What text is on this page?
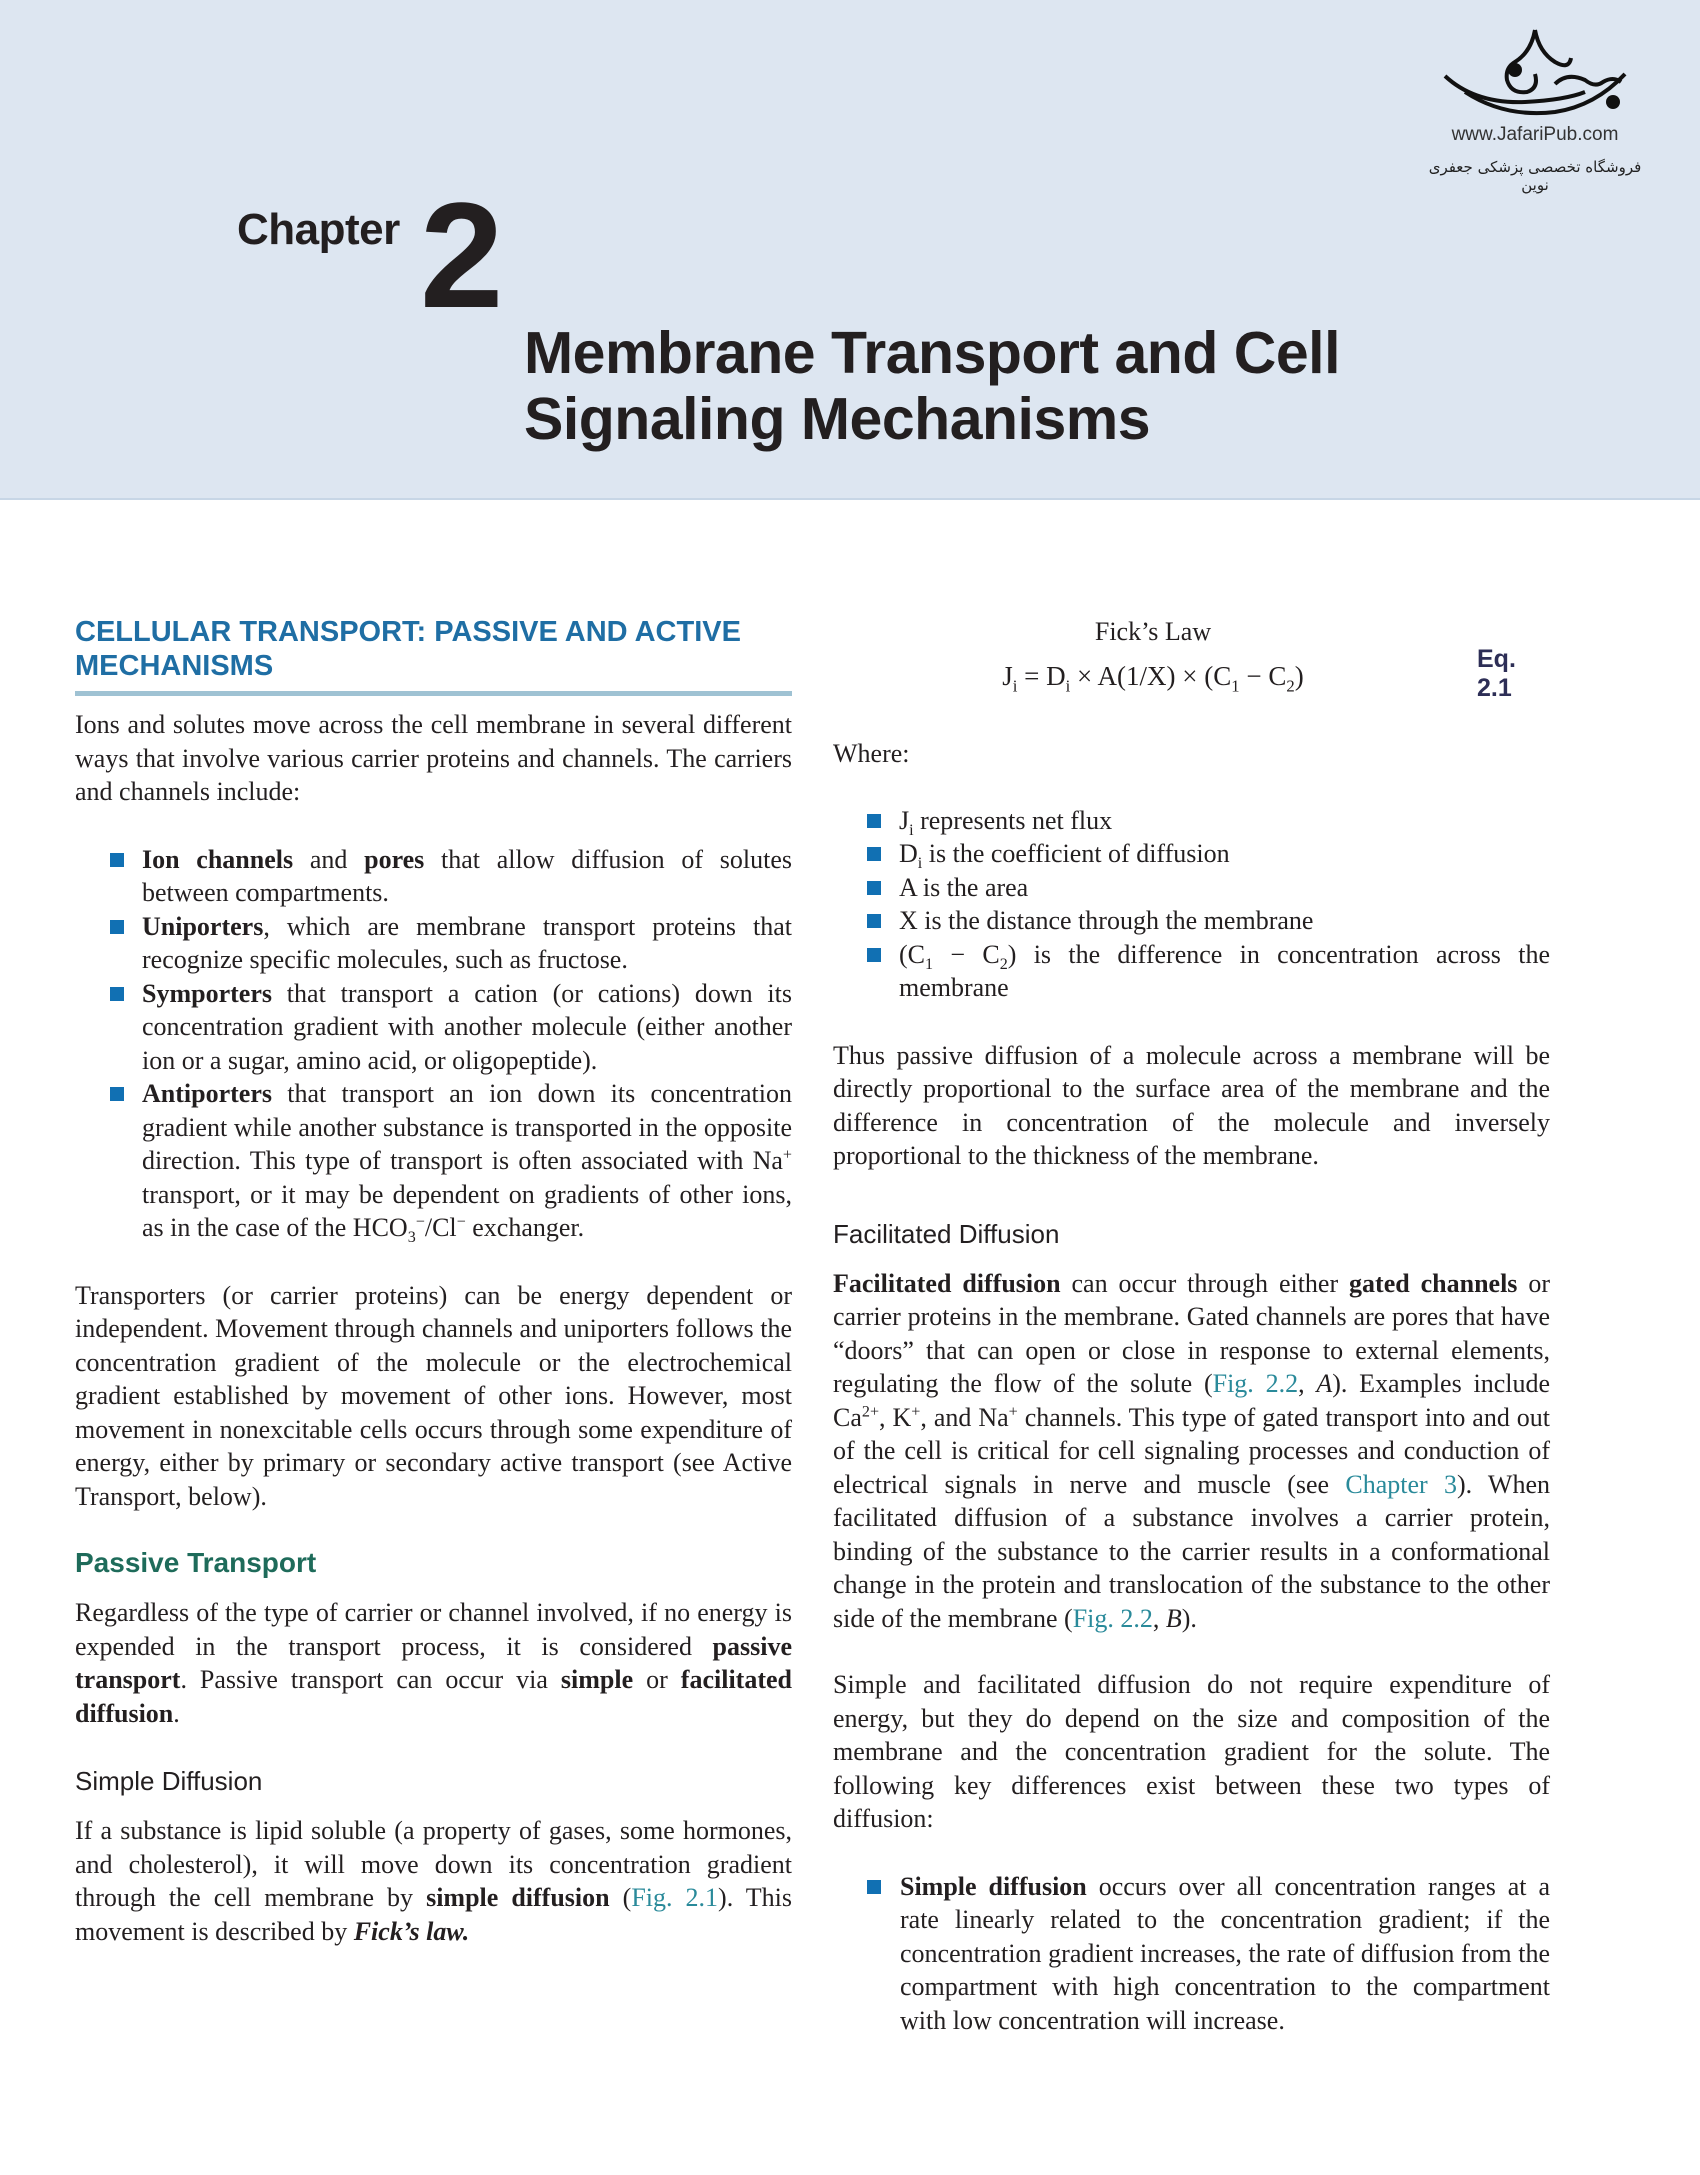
www.JafariPub.com
فروشگاه تخصصی پزشکی جعفری نوین
Chapter 2
Membrane Transport and Cell
Signaling Mechanisms
CELLULAR TRANSPORT: PASSIVE AND ACTIVE MECHANISMS

Ions and solutes move across the cell membrane in several different ways that involve various carrier proteins and channels. The carriers and channels include:

Ion channels and pores that allow diffusion of solutes between compartments.
Uniporters, which are membrane transport proteins that recognize specific molecules, such as fructose.
Symporters that transport a cation (or cations) down its concentration gradient with another molecule (either another ion or a sugar, amino acid, or oligopeptide).
Antiporters that transport an ion down its concentration gradient while another substance is transported in the opposite direction. This type of transport is often associated with Na+ transport, or it may be dependent on gradients of other ions, as in the case of the $HCO_3^-/Cl^-$ exchanger.

Transporters (or carrier proteins) can be energy dependent or independent. Movement through channels and uniporters follows the concentration gradient of the molecule or the electrochemical gradient established by movement of other ions. However, most movement in nonexcitable cells occurs through some expenditure of energy, either by primary or secondary active transport (see Active Transport, below).

Passive Transport

Regardless of the type of carrier or channel involved, if no energy is expended in the transport process, it is considered passive transport. Passive transport can occur via simple or facilitated diffusion.

Simple Diffusion

If a substance is lipid soluble (a property of gases, some hormones, and cholesterol), it will move down its concentration gradient through the cell membrane by simple diffusion (Fig. 2.1). This movement is described by Fick’s law.

Fick’s Law
$J_i = D_i \times A(1/X) \times (C_1 - C_2)$
Eq. 2.1

Where:

$J_i$ represents net flux
$D_i$ is the coefficient of diffusion
A is the area
X is the distance through the membrane
$(C_1 - C_2)$ is the difference in concentration across the membrane

Thus passive diffusion of a molecule across a membrane will be directly proportional to the surface area of the membrane and the difference in concentration of the molecule and inversely proportional to the thickness of the membrane.

Facilitated Diffusion

Facilitated diffusion can occur through either gated channels or carrier proteins in the membrane. Gated channels are pores that have “doors” that can open or close in response to external elements, regulating the flow of the solute (Fig. 2.2, A). Examples include $Ca^{2+}$, K+, and Na+ channels. This type of gated transport into and out of the cell is critical for cell signaling processes and conduction of electrical signals in nerve and muscle (see Chapter 3). When facilitated diffusion of a substance involves a carrier protein, binding of the substance to the carrier results in a conformational change in the protein and translocation of the substance to the other side of the membrane (Fig. 2.2, B).

Simple and facilitated diffusion do not require expenditure of energy, but they do depend on the size and composition of the membrane and the concentration gradient for the solute. The following key differences exist between these two types of diffusion:

Simple diffusion occurs over all concentration ranges at a rate linearly related to the concentration gradient; if the concentration gradient increases, the rate of diffusion from the compartment with high concentration to the compartment with low concentration will increase.
